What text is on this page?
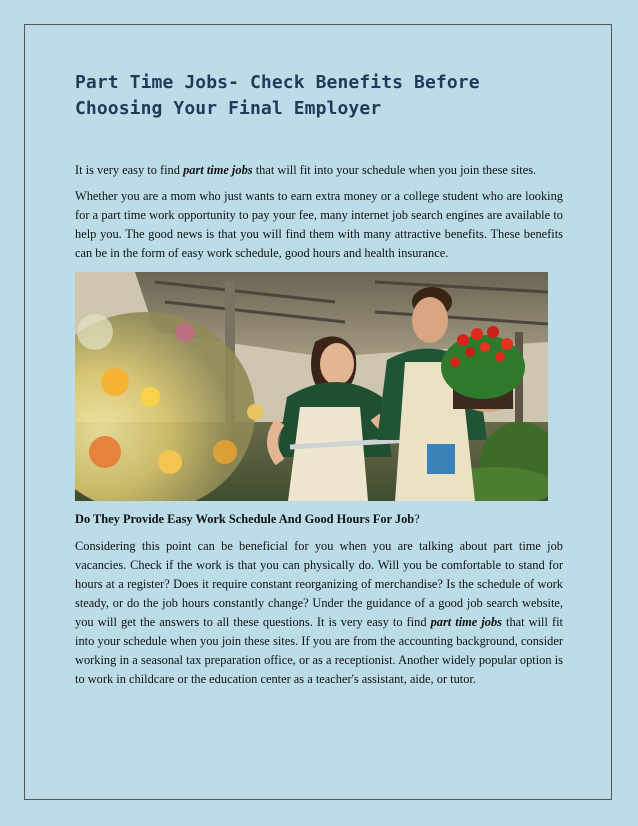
Part Time Jobs- Check Benefits Before Choosing Your Final Employer

It is very easy to find part time jobs that will fit into your schedule when you join these sites.

Whether you are a mom who just wants to earn extra money or a college student who are looking for a part time work opportunity to pay your fee, many internet job search engines are available to help you. The good news is that you will find them with many attractive benefits. These benefits can be in the form of easy work schedule, good hours and health insurance.

Do They Provide Easy Work Schedule And Good Hours For Job?

Considering this point can be beneficial for you when you are talking about part time job vacancies. Check if the work is that you can physically do. Will you be comfortable to stand for hours at a register? Does it require constant reorganizing of merchandise? Is the schedule of work steady, or do the job hours constantly change? Under the guidance of a good job search website, you will get the answers to all these questions. It is very easy to find part time jobs that will fit into your schedule when you join these sites. If you are from the accounting background, consider working in a seasonal tax preparation office, or as a receptionist. Another widely popular option is to work in childcare or the education center as a teacher's assistant, aide, or tutor.
